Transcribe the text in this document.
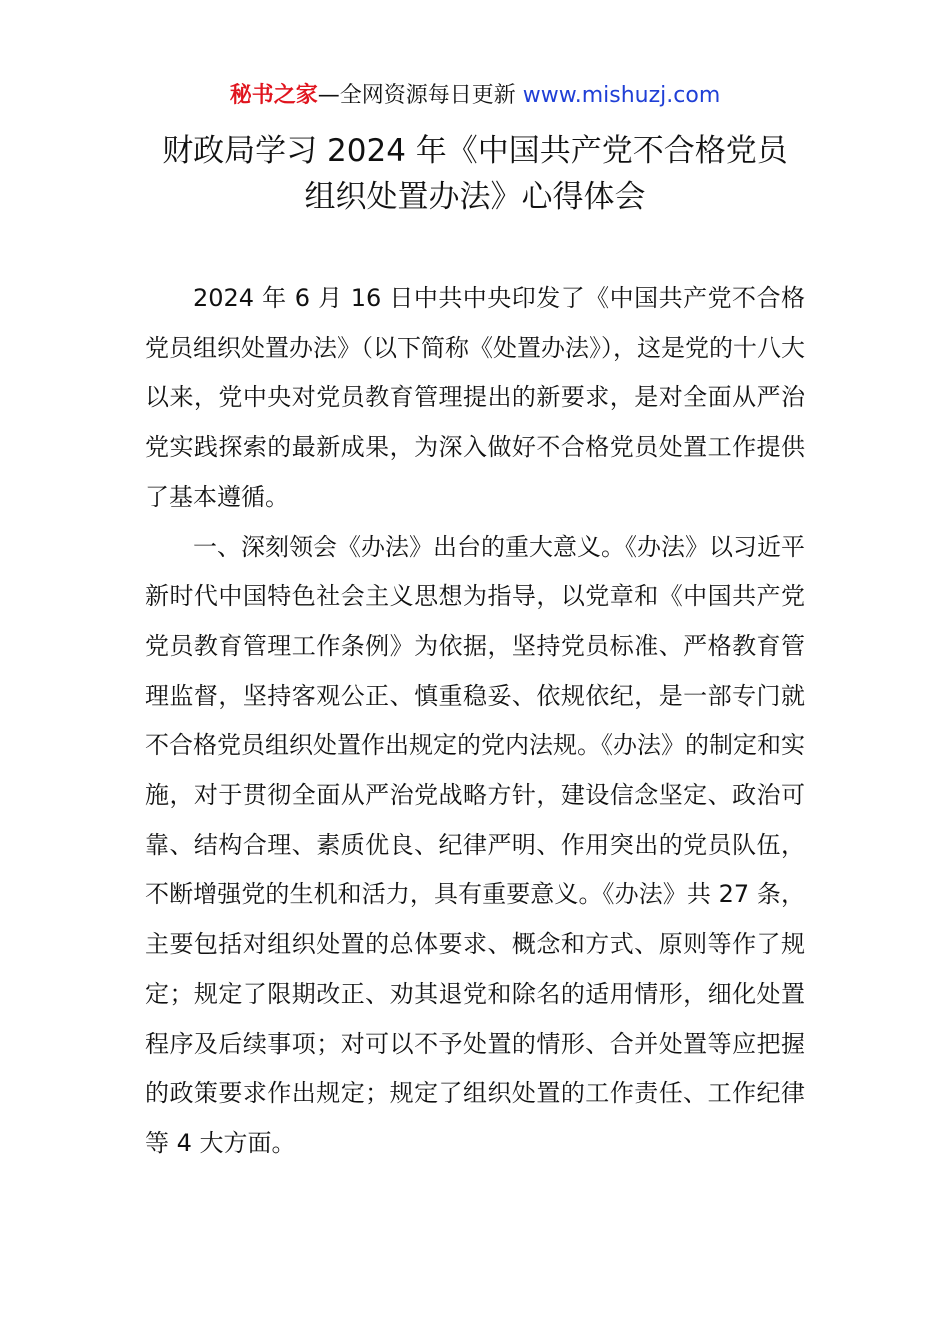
秘书之家—全网资源每日更新 www.mishuzj.com
财政局学习 2024 年《中国共产党不合格党员
组织处置办法》心得体会

2024 年 6 月 16 日中共中央印发了《中国共产党不合格党员组织处置办法》（以下简称《处置办法》），这是党的十八大以来，党中央对党员教育管理提出的新要求，是对全面从严治党实践探索的最新成果，为深入做好不合格党员处置工作提供了基本遵循。

一、深刻领会《办法》出台的重大意义。《办法》以习近平新时代中国特色社会主义思想为指导，以党章和《中国共产党党员教育管理工作条例》为依据，坚持党员标准、严格教育管理监督，坚持客观公正、慎重稳妥、依规依纪，是一部专门就不合格党员组织处置作出规定的党内法规。《办法》的制定和实施，对于贯彻全面从严治党战略方针，建设信念坚定、政治可靠、结构合理、素质优良、纪律严明、作用突出的党员队伍，不断增强党的生机和活力，具有重要意义。《办法》共 27 条，主要包括对组织处置的总体要求、概念和方式、原则等作了规定；规定了限期改正、劝其退党和除名的适用情形，细化处置程序及后续事项；对可以不予处置的情形、合并处置等应把握的政策要求作出规定；规定了组织处置的工作责任、工作纪律等 4 大方面。
